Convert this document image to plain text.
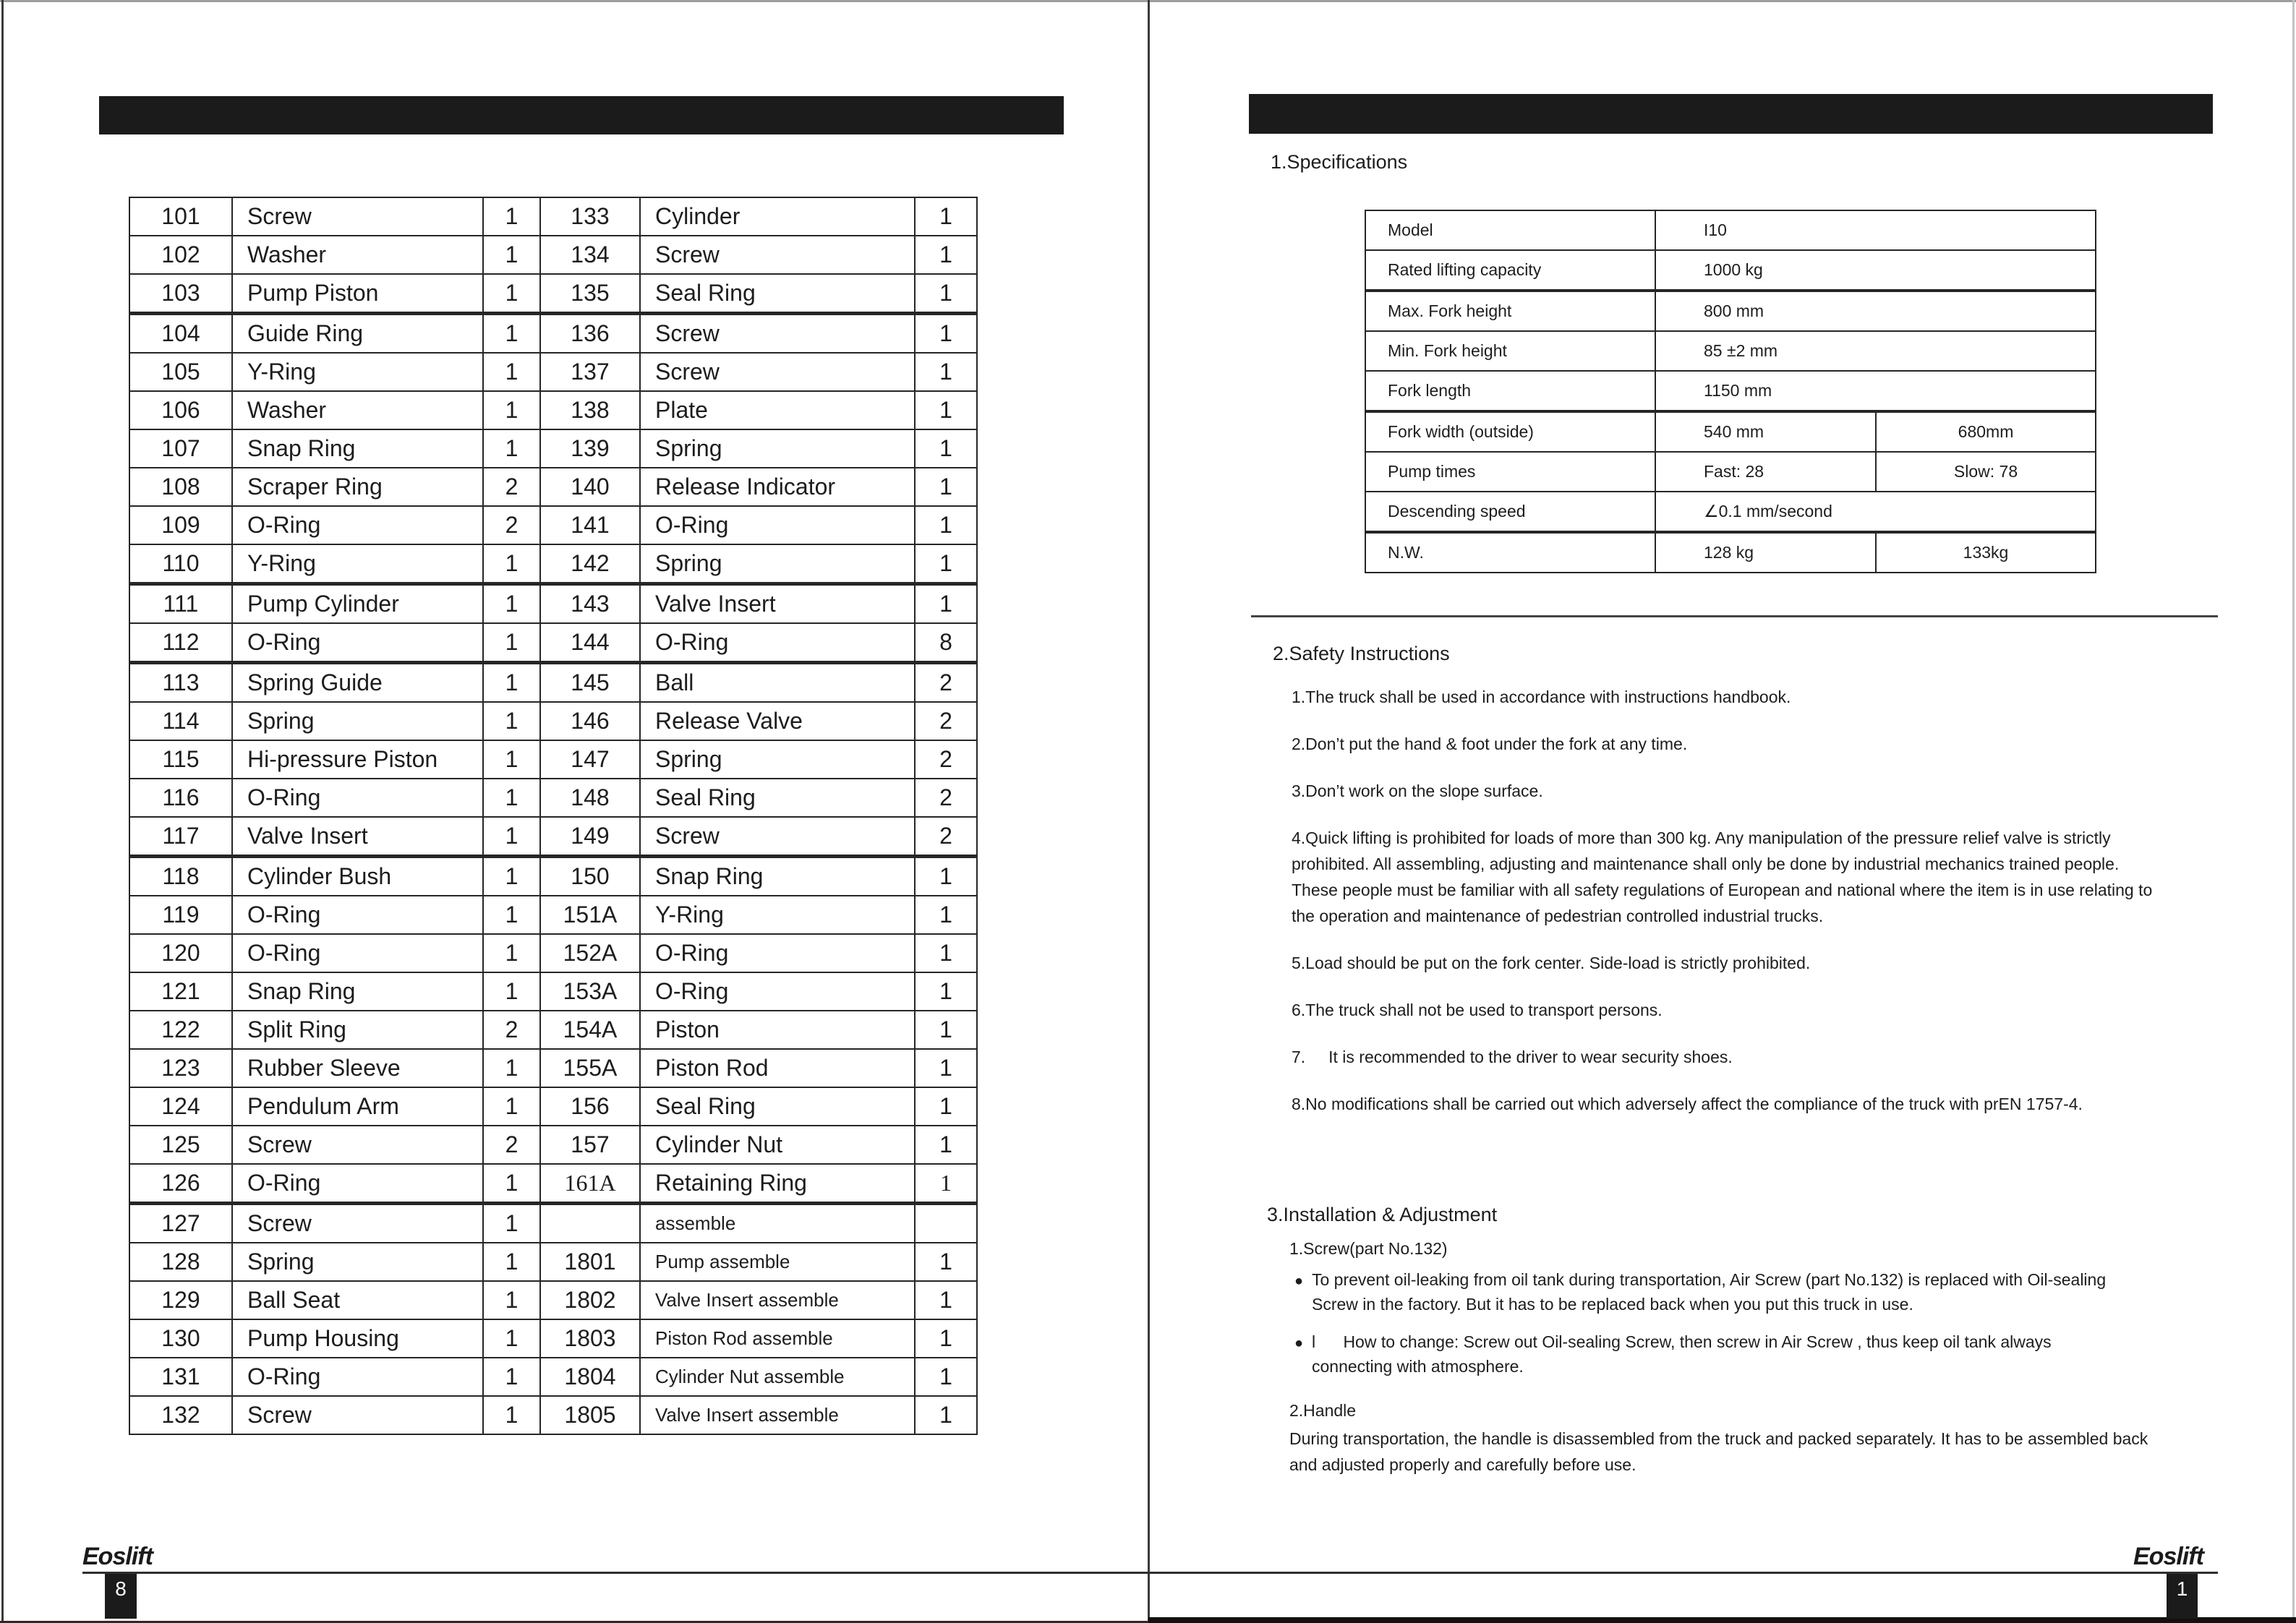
101	Screw	1	133	Cylinder	1
102	Washer	1	134	Screw	1
103	Pump Piston	1	135	Seal Ring	1
104	Guide Ring	1	136	Screw	1
105	Y-Ring	1	137	Screw	1
106	Washer	1	138	Plate	1
107	Snap Ring	1	139	Spring	1
108	Scraper Ring	2	140	Release Indicator	1
109	O-Ring	2	141	O-Ring	1
110	Y-Ring	1	142	Spring	1
111	Pump Cylinder	1	143	Valve Insert	1
112	O-Ring	1	144	O-Ring	8
113	Spring Guide	1	145	Ball	2
114	Spring	1	146	Release Valve	2
115	Hi-pressure Piston	1	147	Spring	2
116	O-Ring	1	148	Seal Ring	2
117	Valve Insert	1	149	Screw	2
118	Cylinder Bush	1	150	Snap Ring	1
119	O-Ring	1	151A	Y-Ring	1
120	O-Ring	1	152A	O-Ring	1
121	Snap Ring	1	153A	O-Ring	1
122	Split Ring	2	154A	Piston	1
123	Rubber Sleeve	1	155A	Piston Rod	1
124	Pendulum Arm	1	156	Seal Ring	1
125	Screw	2	157	Cylinder Nut	1
126	O-Ring	1	161A	Retaining Ring	1
127	Screw	1		assemble	
128	Spring	1	1801	Pump assemble	1
129	Ball Seat	1	1802	Valve Insert assemble	1
130	Pump Housing	1	1803	Piston Rod assemble	1
131	O-Ring	1	1804	Cylinder Nut assemble	1
132	Screw	1	1805	Valve Insert assemble	1
Eoslift
8
1.Specifications
Model	I10	
Rated lifting capacity	1000 kg	
Max. Fork height	800 mm	
Min. Fork height	85 ±2 mm	
Fork length	1150 mm	
Fork width (outside)	540 mm	680mm
Pump times	Fast: 28	Slow: 78
Descending speed	∠0.1 mm/second	
N.W.	128 kg	133kg
2.Safety Instructions
1.The truck shall be used in accordance with instructions handbook.
2.Don’t put the hand & foot under the fork at any time.
3.Don’t work on the slope surface.
4.Quick lifting is prohibited for loads of more than 300 kg. Any manipulation of the pressure relief valve is strictly prohibited. All assembling, adjusting and maintenance shall only be done by industrial mechanics trained people. These people must be familiar with all safety regulations of European and national where the item is in use relating to the operation and maintenance of pedestrian controlled industrial trucks.
5.Load should be put on the fork center. Side-load is strictly prohibited.
6.The truck shall not be used to transport persons.
7.     It is recommended to the driver to wear security shoes.
8.No modifications shall be carried out which adversely affect the compliance of the truck with prEN 1757-4.
3.Installation & Adjustment
1.Screw(part No.132)
● To prevent oil-leaking from oil tank during transportation, Air Screw (part No.132) is replaced with Oil-sealing Screw in the factory. But it has to be replaced back when you put this truck in use.
● l      How to change: Screw out Oil-sealing Screw, then screw in Air Screw , thus keep oil tank always connecting with atmosphere.
2.Handle
During transportation, the handle is disassembled from the truck and packed separately. It has to be assembled back and adjusted properly and carefully before use.
Eoslift
1
